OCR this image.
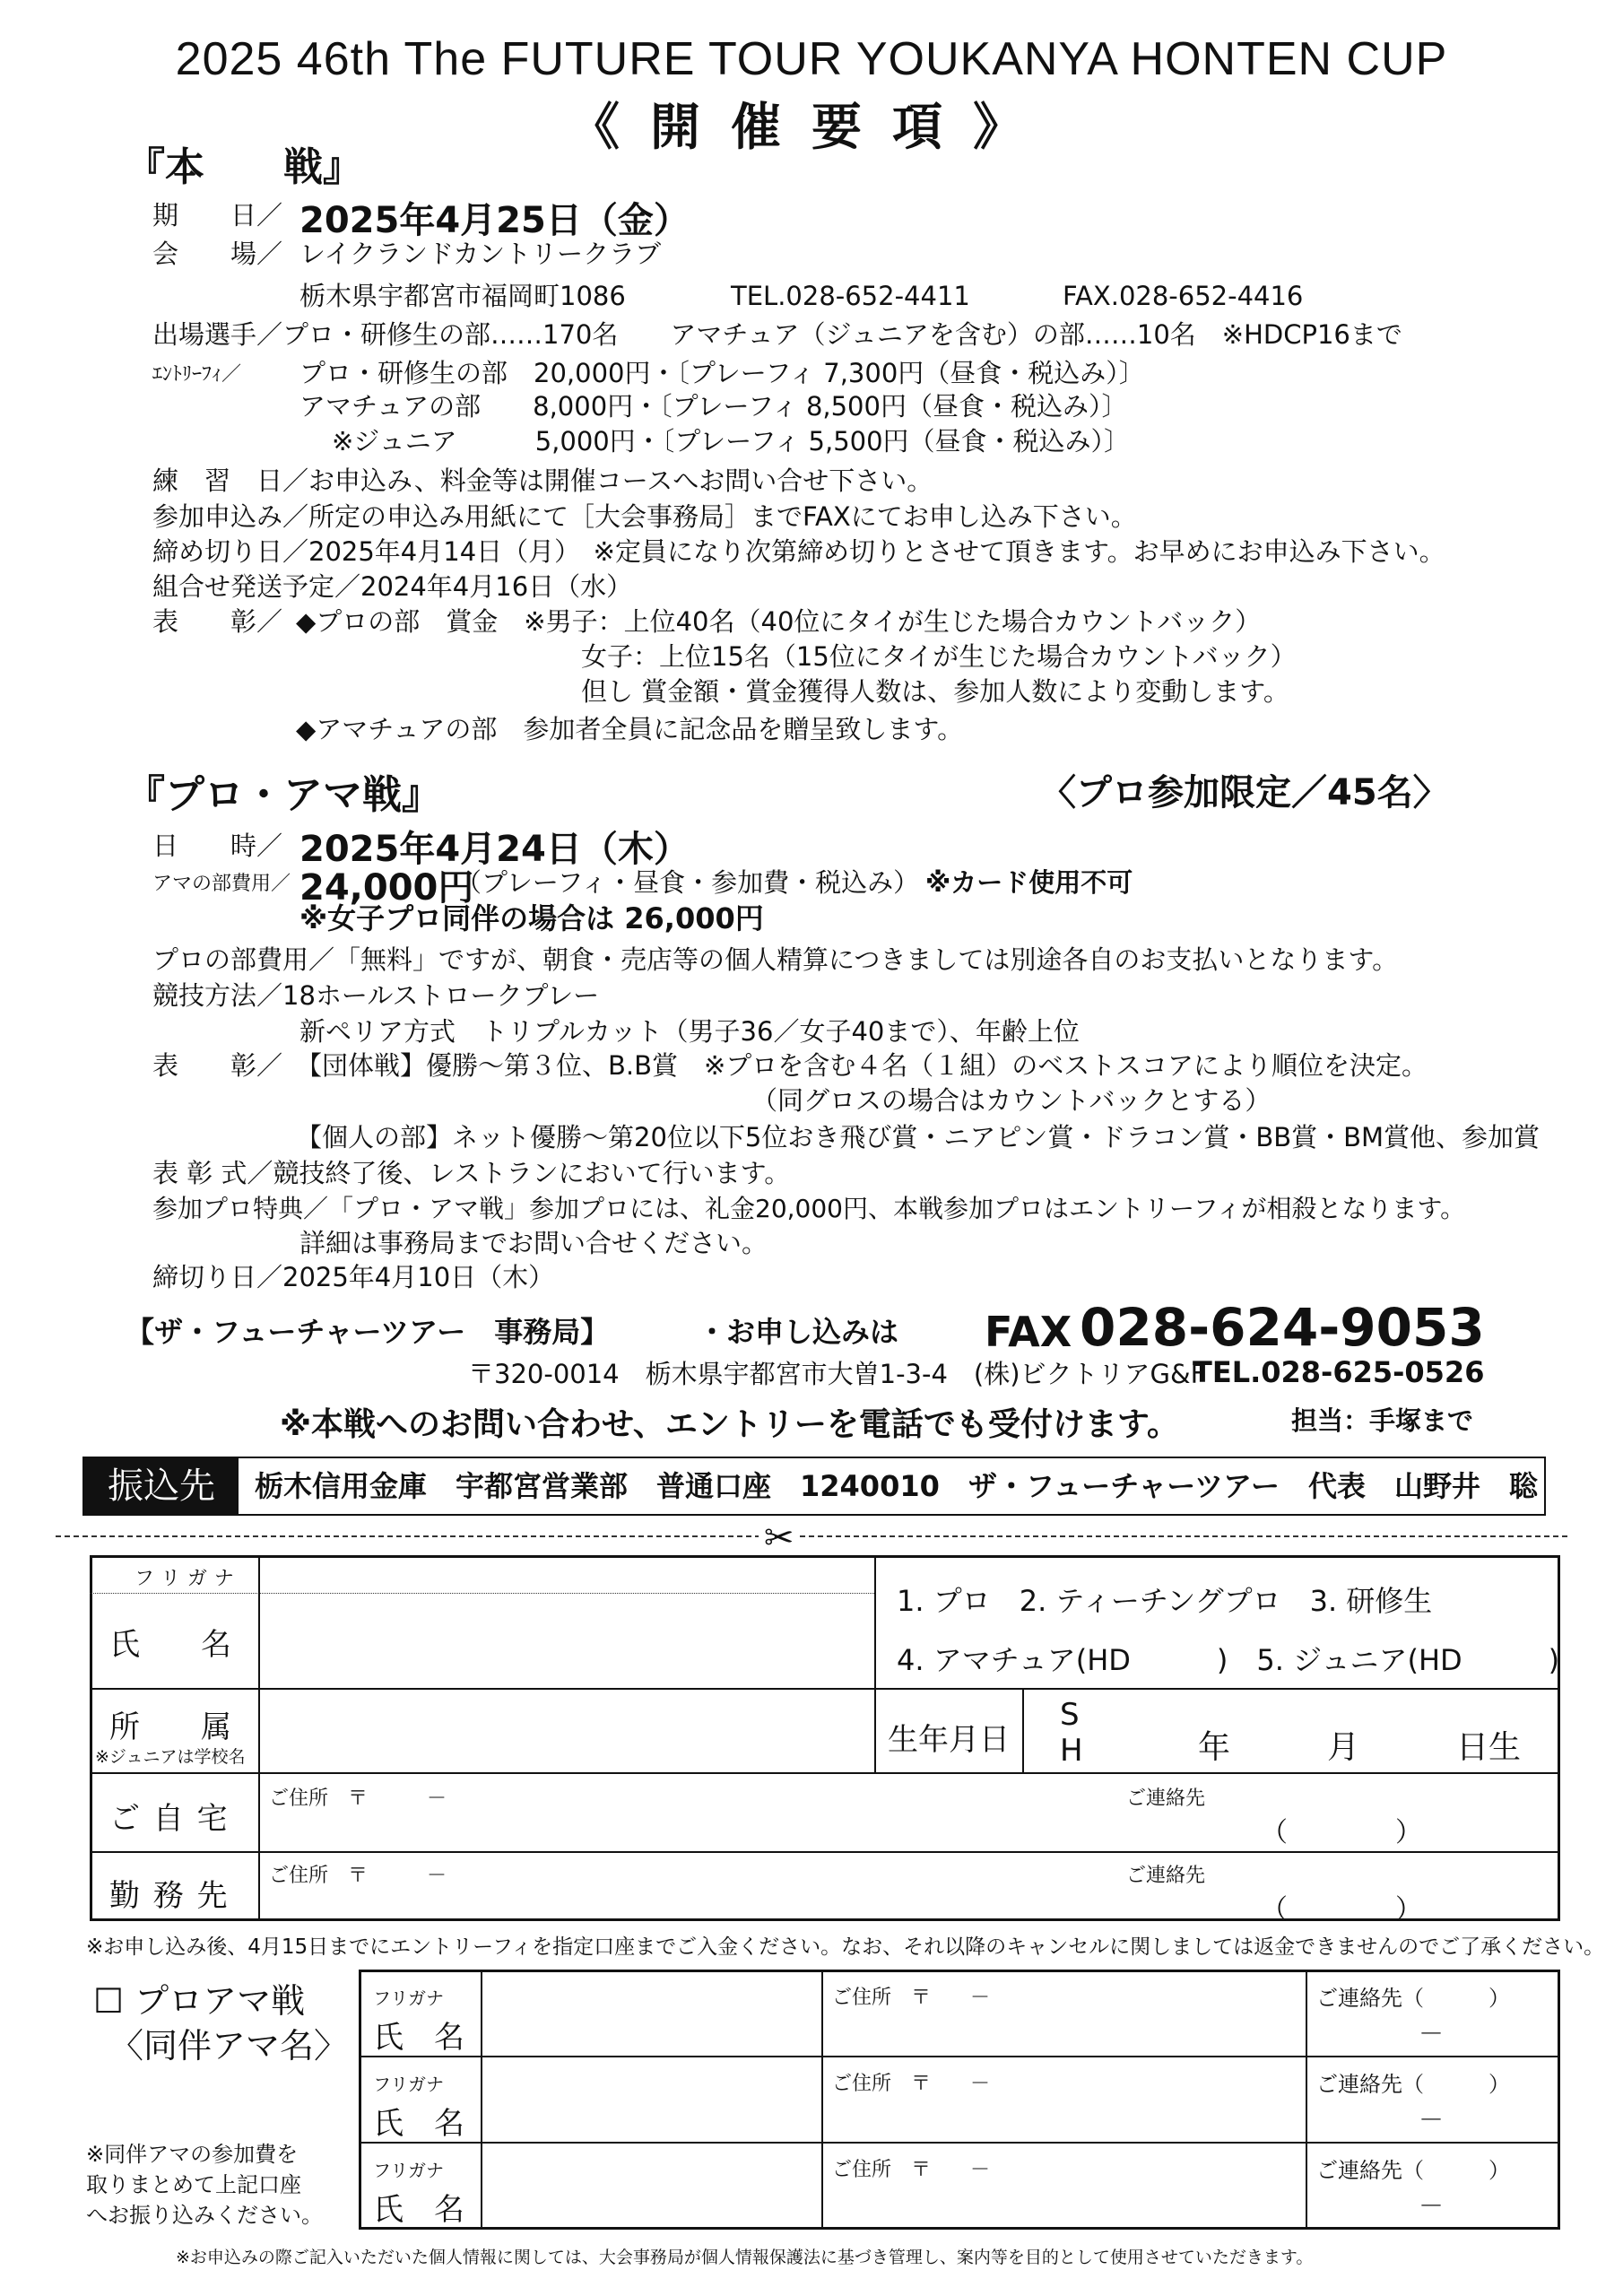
2025 46th The FUTURE TOUR YOUKANYA HONTEN CUP
《開催要項》
『本　　戦』
期　　日／ 2025年4月25日（金）
会　　場／ レイクランドカントリークラブ
栃木県宇都宮市福岡町1086	TEL.028-652-4411	FAX.028-652-4416
出場選手／プロ・研修生の部……170名　　アマチュア（ジュニアを含む）の部……10名　※HDCP16まで
ｴﾝﾄﾘｰﾌｨ／ プロ・研修生の部　20,000円・〔プレーフィ 7,300円（昼食・税込み）〕
アマチュアの部　　8,000円・〔プレーフィ 8,500円（昼食・税込み）〕
※ジュニア　　　5,000円・〔プレーフィ 5,500円（昼食・税込み）〕
練　習　日／お申込み、料金等は開催コースへお問い合せ下さい。
参加申込み／所定の申込み用紙にて［大会事務局］までFAXにてお申し込み下さい。
締め切り日／2025年4月14日（月）　※定員になり次第締め切りとさせて頂きます。お早めにお申込み下さい。
組合せ発送予定／2024年4月16日（水）
表　　彰／ ◆プロの部　賞金　※男子：上位40名（40位にタイが生じた場合カウントバック）
女子：上位15名（15位にタイが生じた場合カウントバック）
但し 賞金額・賞金獲得人数は、参加人数により変動します。
◆アマチュアの部　参加者全員に記念品を贈呈致します。
『プロ・アマ戦』	〈プロ参加限定／45名〉
日　　時／ 2025年4月24日（木）
アマの部費用／ 24,000円
（プレーフィ・昼食・参加費・税込み） ※カード使用不可
※女子プロ同伴の場合は 26,000円
プロの部費用／「無料」ですが、朝食・売店等の個人精算につきましては別途各自のお支払いとなります。
競技方法／18ホールストロークプレー
新ペリア方式　トリプルカット（男子36／女子40まで）、年齢上位
表　　彰／ 【団体戦】優勝～第３位、B.B賞　※プロを含む４名（１組）のベストスコアにより順位を決定。
（同グロスの場合はカウントバックとする）
【個人の部】ネット優勝～第20位以下5位おき飛び賞・ニアピン賞・ドラコン賞・BB賞・BM賞他、参加賞
表 彰 式／競技終了後、レストランにおいて行います。
参加プロ特典／「プロ・アマ戦」参加プロには、礼金20,000円、本戦参加プロはエントリーフィが相殺となります。
詳細は事務局までお問い合せください。
締切り日／2025年4月10日（木）
【ザ・フューチャーツアー　事務局】	・お申し込みは FAX 028-624-9053
〒320-0014　栃木県宇都宮市大曽1-3-4　(株)ビクトリアG&F
TEL.028-625-0526
※本戦へのお問い合わせ、エントリーを電話でも受付けます。	担当：手塚まで
振込先	栃木信用金庫　宇都宮営業部　普通口座　1240010　ザ・フューチャーツアー　代表　山野井　聡
✂
フリガナ
氏　　名
1. プロ　2. ティーチングプロ　3. 研修生
4. アマチュア(HD　　　)　5. ジュニア(HD　　　)
所　　属
※ジュニアは学校名	生年月日
S
H	年　　　月　　　日生
ご 自 宅
ご住所　〒　　　－	ご連絡先
（　　　　）
勤 務 先
ご住所　〒　　　－	ご連絡先
（　　　　）
※お申し込み後、4月15日までにエントリーフィを指定口座までご入金ください。なお、それ以降のキャンセルに関しましては返金できませんのでご了承ください。
☐ プロアマ戦
〈同伴アマ名〉
※同伴アマの参加費を
取りまとめて上記口座
へお振り込みください。
フリガナ
氏　名
ご住所　〒　　－	ご連絡先（　　　）
－
フリガナ
氏　名
ご住所　〒　　－	ご連絡先（　　　）
－
フリガナ
氏　名
ご住所　〒　　－	ご連絡先（　　　）
－
※お申込みの際ご記入いただいた個人情報に関しては、大会事務局が個人情報保護法に基づき管理し、案内等を目的として使用させていただきます。
